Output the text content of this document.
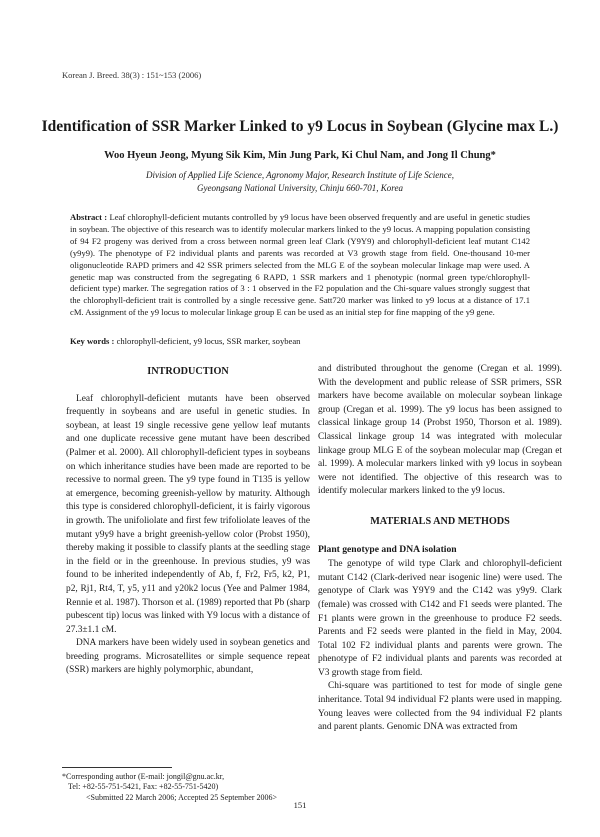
Korean J. Breed. 38(3) : 151~153 (2006)
Identification of SSR Marker Linked to y9 Locus in Soybean (Glycine max L.)
Woo Hyeun Jeong, Myung Sik Kim, Min Jung Park, Ki Chul Nam, and Jong Il Chung*
Division of Applied Life Science, Agronomy Major, Research Institute of Life Science,
Gyeongsang National University, Chinju 660-701, Korea
Abstract : Leaf chlorophyll-deficient mutants controlled by y9 locus have been observed frequently and are useful in genetic studies in soybean. The objective of this research was to identify molecular markers linked to the y9 locus. A mapping population consisting of 94 F2 progeny was derived from a cross between normal green leaf Clark (Y9Y9) and chlorophyll-deficient leaf mutant C142 (y9y9). The phenotype of F2 individual plants and parents was recorded at V3 growth stage from field. One-thousand 10-mer oligonucleotide RAPD primers and 42 SSR primers selected from the MLG E of the soybean molecular linkage map were used. A genetic map was constructed from the segregating 6 RAPD, 1 SSR markers and 1 phenotypic (normal green type/chlorophyll-deficient type) marker. The segregation ratios of 3 : 1 observed in the F2 population and the Chi-square values strongly suggest that the chlorophyll-deficient trait is controlled by a single recessive gene. Satt720 marker was linked to y9 locus at a distance of 17.1 cM. Assignment of the y9 locus to molecular linkage group E can be used as an initial step for fine mapping of the y9 gene.
Key words : chlorophyll-deficient, y9 locus, SSR marker, soybean
INTRODUCTION

Leaf chlorophyll-deficient mutants have been observed frequently in soybeans and are useful in genetic studies. In soybean, at least 19 single recessive gene yellow leaf mutants and one duplicate recessive gene mutant have been described (Palmer et al. 2000). All chlorophyll-deficient types in soybeans on which inheritance studies have been made are reported to be recessive to normal green. The y9 type found in T135 is yellow at emergence, becoming greenish-yellow by maturity. Although this type is considered chlorophyll-deficient, it is fairly vigorous in growth. The unifoliolate and first few trifoliolate leaves of the mutant y9y9 have a bright greenish-yellow color (Probst 1950), thereby making it possible to classify plants at the seedling stage in the field or in the greenhouse. In previous studies, y9 was found to be inherited independently of Ab, f, Fr2, Fr5, k2, P1, p2, Rj1, Rt4, T, y5, y11 and y20k2 locus (Yee and Palmer 1984, Rennie et al. 1987). Thorson et al. (1989) reported that Pb (sharp pubescent tip) locus was linked with Y9 locus with a distance of 27.3±1.1 cM.

DNA markers have been widely used in soybean genetics and breeding programs. Microsatellites or simple sequence repeat (SSR) markers are highly polymorphic, abundant,

and distributed throughout the genome (Cregan et al. 1999). With the development and public release of SSR primers, SSR markers have become available on molecular soybean linkage group (Cregan et al. 1999). The y9 locus has been assigned to classical linkage group 14 (Probst 1950, Thorson et al. 1989). Classical linkage group 14 was integrated with molecular linkage group MLG E of the soybean molecular map (Cregan et al. 1999). A molecular markers linked with y9 locus in soybean were not identified. The objective of this research was to identify molecular markers linked to the y9 locus.

MATERIALS AND METHODS
Plant genotype and DNA isolation

The genotype of wild type Clark and chlorophyll-deficient mutant C142 (Clark-derived near isogenic line) were used. The genotype of Clark was Y9Y9 and the C142 was y9y9. Clark (female) was crossed with C142 and F1 seeds were planted. The F1 plants were grown in the greenhouse to produce F2 seeds. Parents and F2 seeds were planted in the field in May, 2004. Total 102 F2 individual plants and parents were grown. The phenotype of F2 individual plants and parents was recorded at V3 growth stage from field.

Chi-square was partitioned to test for mode of single gene inheritance. Total 94 individual F2 plants were used in mapping. Young leaves were collected from the 94 individual F2 plants and parent plants. Genomic DNA was extracted from

*Corresponding author (E-mail: jongil@gnu.ac.kr,
Tel: +82-55-751-5421, Fax: +82-55-751-5420)
<Submitted 22 March 2006; Accepted 25 September 2006>
151
